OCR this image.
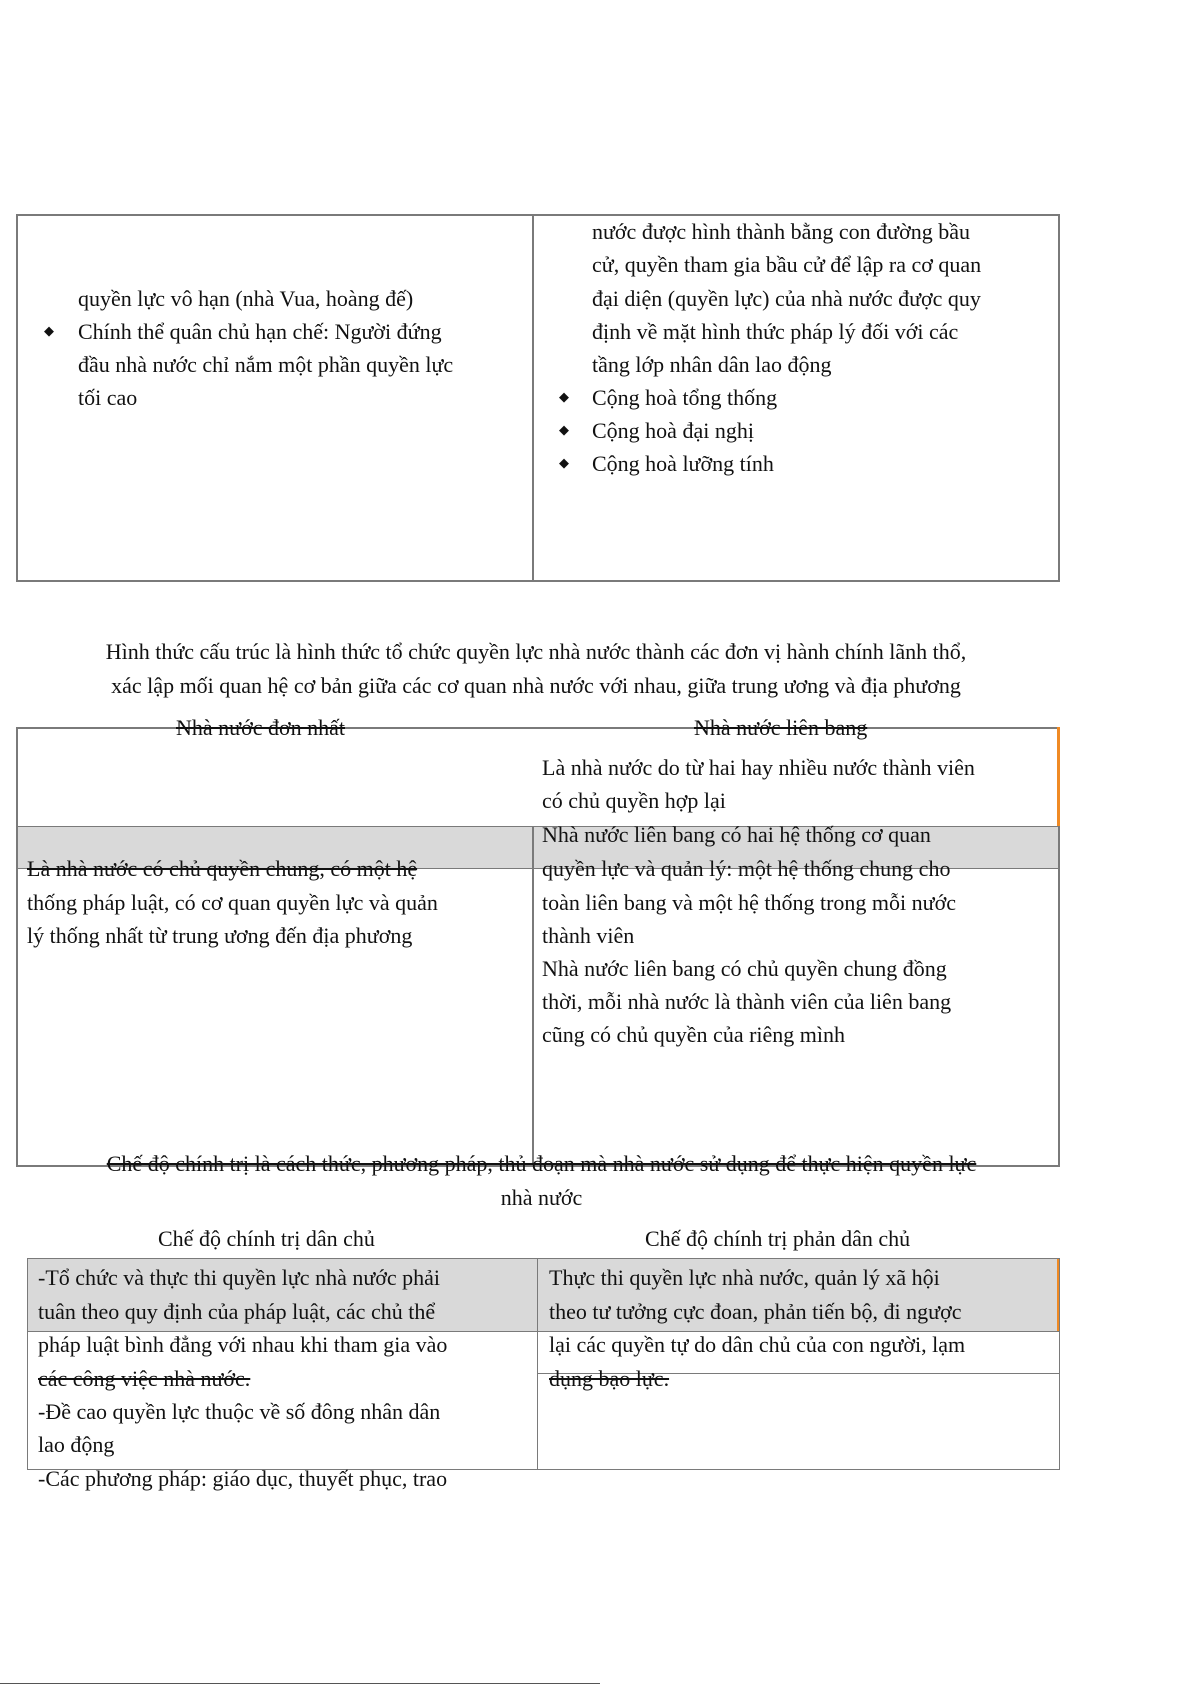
quyền lực vô hạn (nhà Vua, hoàng đế)
◆ Chính thể quân chủ hạn chế: Người đứng
đầu nhà nước chỉ nắm một phần quyền lực
tối cao
nước được hình thành bằng con đường bầu
cử, quyền tham gia bầu cử để lập ra cơ quan
đại diện (quyền lực) của nhà nước được quy
định về mặt hình thức pháp lý đối với các
tầng lớp nhân dân lao động
◆ Cộng hoà tổng thống
◆ Cộng hoà đại nghị
◆ Cộng hoà lưỡng tính
Hình thức cấu trúc là hình thức tổ chức quyền lực nhà nước thành các đơn vị hành chính lãnh thổ,
xác lập mối quan hệ cơ bản giữa các cơ quan nhà nước với nhau, giữa trung ương và địa phương
Nhà nước đơn nhất	Nhà nước liên bang
Là nhà nước có chủ quyền chung, có một hệ
thống pháp luật, có cơ quan quyền lực và quản
lý thống nhất từ trung ương đến địa phương
Là nhà nước do từ hai hay nhiều nước thành viên
có chủ quyền hợp lại
Nhà nước liên bang có hai hệ thống cơ quan
quyền lực và quản lý: một hệ thống chung cho
toàn liên bang và một hệ thống trong mỗi nước
thành viên
Nhà nước liên bang có chủ quyền chung đồng
thời, mỗi nhà nước là thành viên của liên bang
cũng có chủ quyền của riêng mình
Chế độ chính trị là cách thức, phương pháp, thủ đoạn mà nhà nước sử dụng để thực hiện quyền lực
nhà nước
Chế độ chính trị dân chủ	Chế độ chính trị phản dân chủ
-Tổ chức và thực thi quyền lực nhà nước phải
tuân theo quy định của pháp luật, các chủ thể
pháp luật bình đẳng với nhau khi tham gia vào
các công việc nhà nước.
-Đề cao quyền lực thuộc về số đông nhân dân
lao động
-Các phương pháp: giáo dục, thuyết phục, trao
Thực thi quyền lực nhà nước, quản lý xã hội
theo tư tưởng cực đoan, phản tiến bộ, đi ngược
lại các quyền tự do dân chủ của con người, lạm
dụng bạo lực.
